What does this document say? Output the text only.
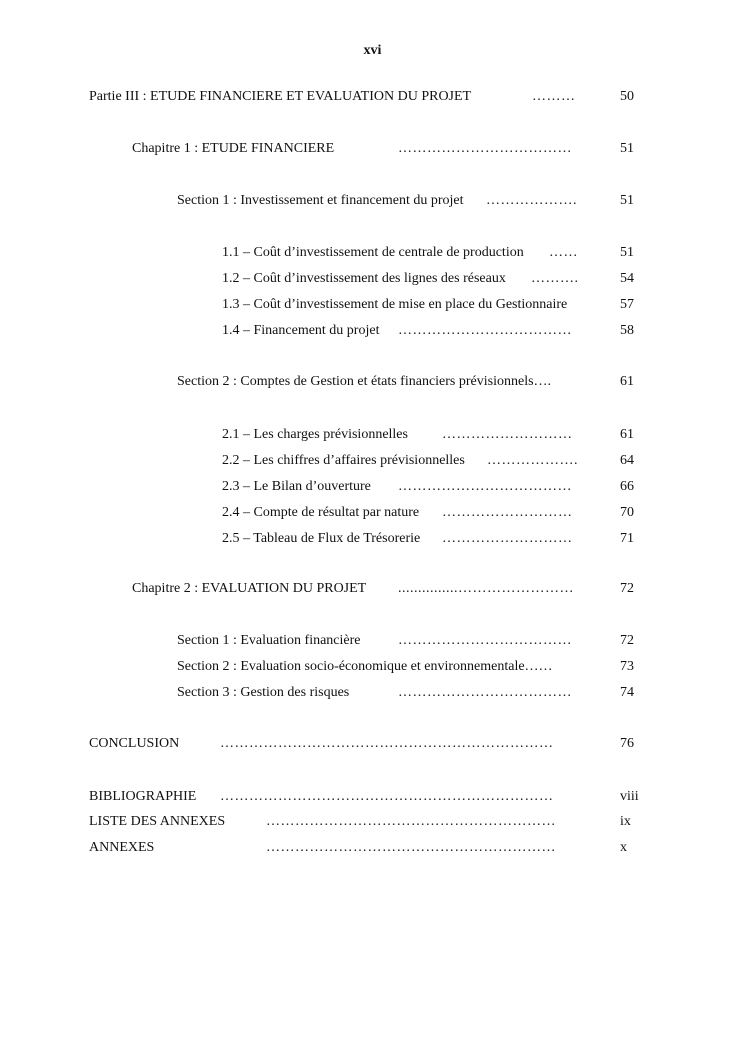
xvi
Partie III : ETUDE FINANCIERE ET EVALUATION DU PROJET	………	50
Chapitre 1 : ETUDE FINANCIERE	………………………………	51
Section 1 : Investissement et financement du projet ……………….	51
1.1 – Coût d’investissement de centrale de production ……	51
1.2 – Coût d’investissement des lignes des réseaux ……….	54
1.3 – Coût d’investissement de mise en place du Gestionnaire	57
1.4 – Financement du projet ………………………………	58
Section 2 : Comptes de Gestion et états financiers prévisionnels….	61
2.1 – Les charges prévisionnelles ………………………	61
2.2 – Les chiffres d’affaires prévisionnelles ……………….	64
2.3 – Le Bilan d’ouverture ………………………………	66
2.4 – Compte de résultat par nature ………………………	70
2.5 – Tableau de Flux de Trésorerie ………………………	71
Chapitre 2 : EVALUATION DU PROJET ...............……………………	72
Section 1 : Evaluation financière	………………………………	72
Section 2 : Evaluation socio-économique et environnementale……	73
Section 3 : Gestion des risques	………………………………	74
CONCLUSION	……………………………………………………………	76
BIBLIOGRAPHIE ……………………………………………………………	viii
LISTE DES ANNEXES	……………………………………………………	ix
ANNEXES	……………………………………………………	x
